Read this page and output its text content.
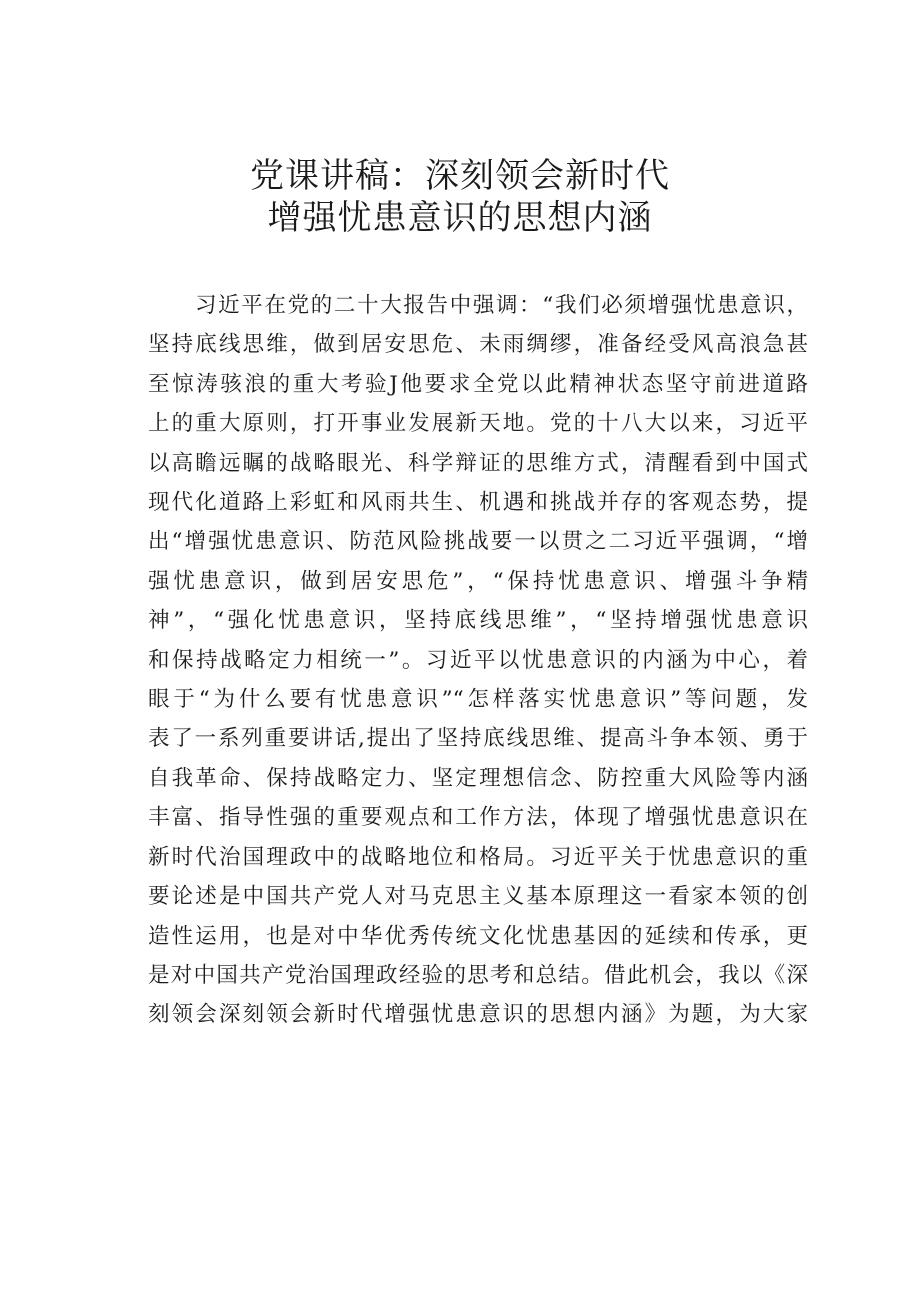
党课讲稿：深刻领会新时代
增强忧患意识的思想内涵
习近平在党的二十大报告中强调：“我们必须增强忧患意识，
坚持底线思维，做到居安思危、未雨绸缪，准备经受风高浪急甚
至惊涛骇浪的重大考验J他要求全党以此精神状态坚守前进道路
上的重大原则，打开事业发展新天地。党的十八大以来，习近平
以高瞻远瞩的战略眼光、科学辩证的思维方式，清醒看到中国式
现代化道路上彩虹和风雨共生、机遇和挑战并存的客观态势，提
出“增强忧患意识、防范风险挑战要一以贯之二习近平强调，“增
强忧患意识，做到居安思危”，“保持忧患意识、增强斗争精
神”，“强化忧患意识，坚持底线思维”，“坚持增强忧患意识
和保持战略定力相统一”。习近平以忧患意识的内涵为中心，着
眼于“为什么要有忧患意识”“怎样落实忧患意识”等问题，发
表了一系列重要讲话,提出了坚持底线思维、提高斗争本领、勇于
自我革命、保持战略定力、坚定理想信念、防控重大风险等内涵
丰富、指导性强的重要观点和工作方法，体现了增强忧患意识在
新时代治国理政中的战略地位和格局。习近平关于忧患意识的重
要论述是中国共产党人对马克思主义基本原理这一看家本领的创
造性运用，也是对中华优秀传统文化忧患基因的延续和传承，更
是对中国共产党治国理政经验的思考和总结。借此机会，我以《深
刻领会深刻领会新时代增强忧患意识的思想内涵》为题，为大家
